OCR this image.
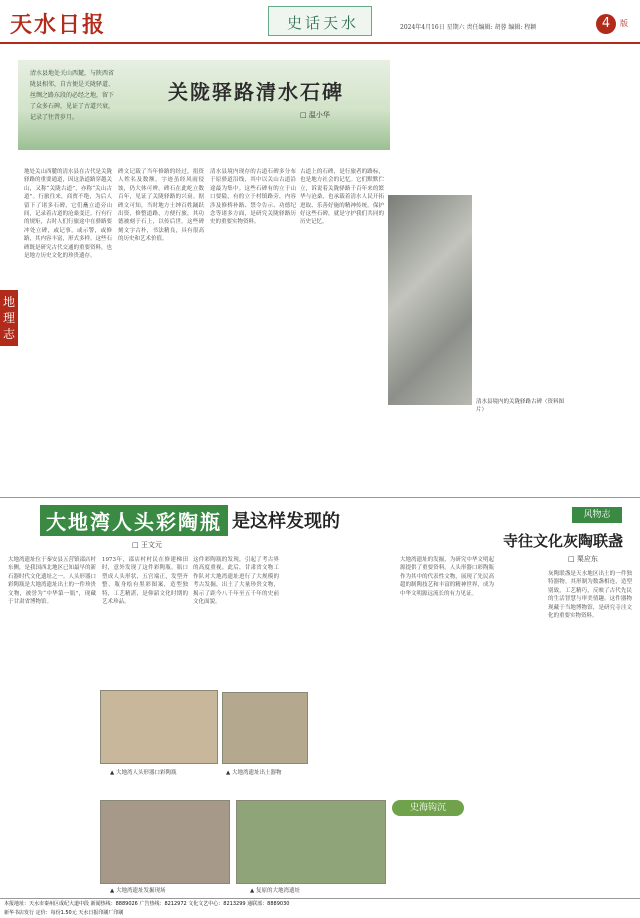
天水日报	史话天水	2024年4月16日 星期六 责任编辑: 胡蓉 编辑: 程颖	4	版
清水县地处关山西麓，与陕西省陇县相邻，自古便是关陇驿道、丝绸之路东段的必经之地，留下了众多石碑，见证了古道兴衰，记录了往昔岁月。
关陇驿路清水石碑
□ 温小华
地理志
地处关山西麓的清水县在古代是关陇驿路的重要通道，因这条道路穿越关山，又称“关陇古道”，亦称“关山古道”。行旅往来，商贾不绝，为后人留下了诸多石碑，它们矗立道旁山间，记录着古道的沧桑变迁。行有行的规矩，古时人们行旅途中在驿路要冲处立碑，或记事，或示警，或修路，其内容丰富，形式多样。这些石碑既是研究古代交通的重要资料，也是地方历史文化的珍贵遗存。
碑文记载了当年修路的经过，捐资人姓名及数额，字迹虽经风雨侵蚀，仍大体可辨。碑石在此屹立数百年，见证了关陇驿路的兴衰。据碑文可知，当时地方士绅百姓踊跃出资，修整道路，方便行旅，其功德被刻于石上，以传后世。这些碑刻文字古朴，书法精良，具有很高的历史和艺术价值。
清水县境内现存的古道石碑多分布于原驿道沿线，其中以关山古道沿途最为集中。这些石碑有的立于山口要隘，有的立于村镇路旁，内容涉及修桥补路、禁令告示、功德纪念等诸多方面，是研究关陇驿路历史的重要实物资料。
古道上的石碑，是行旅者的路标，也是地方社会的记忆。它们默默伫立，诉说着关陇驿路千百年来的繁华与沧桑，也承载着清水人民开拓进取、乐善好施的精神传统。保护好这些石碑，就是守护我们共同的历史记忆。
清水县境内的关陇驿路古碑（资料图片）
大地湾人头彩陶瓶 是这样发现的
□ 王文元
大地湾遗址位于秦安县五营镇邵店村东侧，是我国西北地区已知最早的新石器时代文化遗址之一。人头形器口彩陶瓶是大地湾遗址出土的一件珍贵文物，被誉为“中华第一瓶”，现藏于甘肃省博物馆。
1973年，邵店村村民在修建梯田时，意外发现了这件彩陶瓶。瓶口塑成人头形状，五官端正，发型齐整，瓶身绘有黑彩图案，造型独特，工艺精湛，是仰韶文化时期的艺术珍品。
这件彩陶瓶的发现，引起了考古界的高度重视。此后，甘肃省文物工作队对大地湾遗址进行了大规模的考古发掘，出土了大量珍贵文物，揭示了距今八千年至五千年的史前文化面貌。
大地湾遗址的发掘，为研究中华文明起源提供了重要资料。人头形器口彩陶瓶作为其中的代表性文物，展现了先民高超的制陶技艺和丰富的精神世界，成为中华文明源远流长的有力见证。
▲ 大地湾人头形器口彩陶瓶	▲ 大地湾遗址出土器物
▲ 大地湾遗址发掘现场	▲ 复原的大地湾遗址
史海钩沉
风物志
寺往文化灰陶联盏
□ 栗应东
灰陶联盏是天水地区出土的一件独特器物。其形制为数盏相连，造型别致，工艺精巧，反映了古代先民的生活智慧与审美情趣。这件器物现藏于当地博物馆，是研究寺洼文化的重要实物资料。
本报地址：天水市秦州区成纪大道中段 新闻热线：8889026 广告热线：8212972 文化文艺中心：8213299 通联部：8889030
新华书店发行 定价：每份1.50元 天水日报印刷厂印刷
